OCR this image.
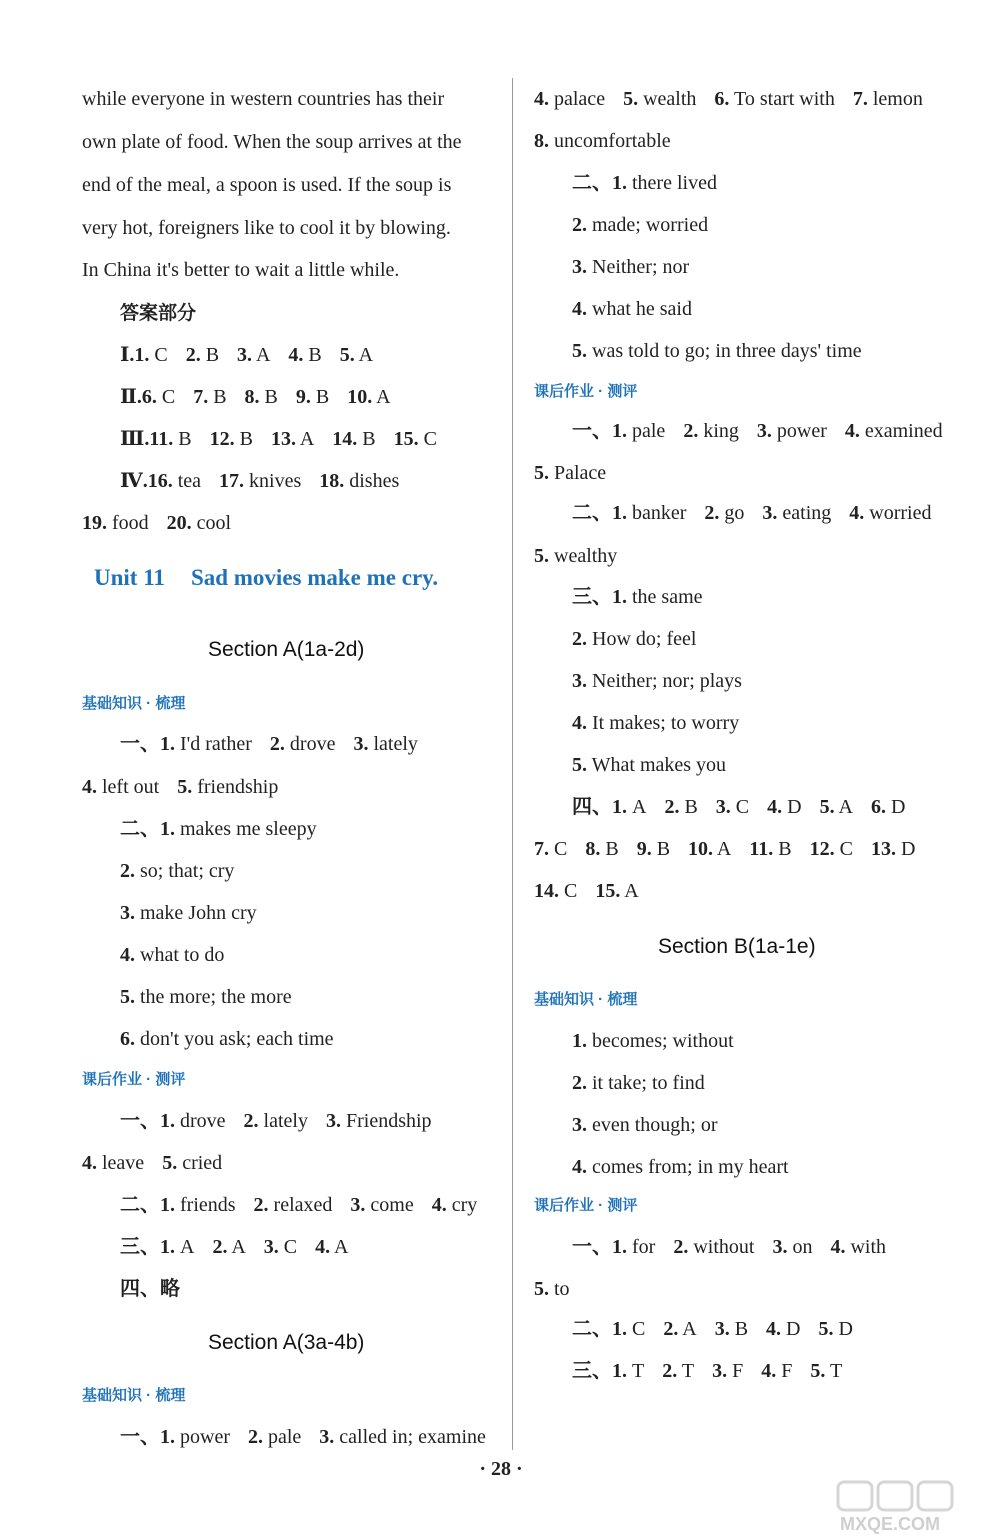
while everyone in western countries has their
own plate of food. When the soup arrives at the
end of the meal, a spoon is used. If the soup is
very hot, foreigners like to cool it by blowing.
In China it's better to wait a little while.
答案部分
Ⅰ.1. C 2. B 3. A 4. B 5. A
Ⅱ.6. C 7. B 8. B 9. B 10. A
Ⅲ.11. B 12. B 13. A 14. B 15. C
Ⅳ.16. tea 17. knives 18. dishes
19. food 20. cool
Unit 11 Sad movies make me cry.
Section A(1a-2d)
基础知识 · 梳理
一、1. I'd rather 2. drove 3. lately
4. left out 5. friendship
二、1. makes me sleepy
2. so; that; cry
3. make John cry
4. what to do
5. the more; the more
6. don't you ask; each time
课后作业 · 测评
一、1. drove 2. lately 3. Friendship
4. leave 5. cried
二、1. friends 2. relaxed 3. come 4. cry
三、1. A 2. A 3. C 4. A
四、略
Section A(3a-4b)
基础知识 · 梳理
一、1. power 2. pale 3. called in; examine
4. palace 5. wealth 6. To start with 7. lemon
8. uncomfortable
二、1. there lived
2. made; worried
3. Neither; nor
4. what he said
5. was told to go; in three days' time
课后作业 · 测评
一、1. pale 2. king 3. power 4. examined
5. Palace
二、1. banker 2. go 3. eating 4. worried
5. wealthy
三、1. the same
2. How do; feel
3. Neither; nor; plays
4. It makes; to worry
5. What makes you
四、1. A 2. B 3. C 4. D 5. A 6. D
7. C 8. B 9. B 10. A 11. B 12. C 13. D
14. C 15. A
Section B(1a-1e)
基础知识 · 梳理
1. becomes; without
2. it take; to find
3. even though; or
4. comes from; in my heart
课后作业 · 测评
一、1. for 2. without 3. on 4. with
5. to
二、1. C 2. A 3. B 4. D 5. D
三、1. T 2. T 3. F 4. F 5. T
· 28 ·
MXQE.COM
